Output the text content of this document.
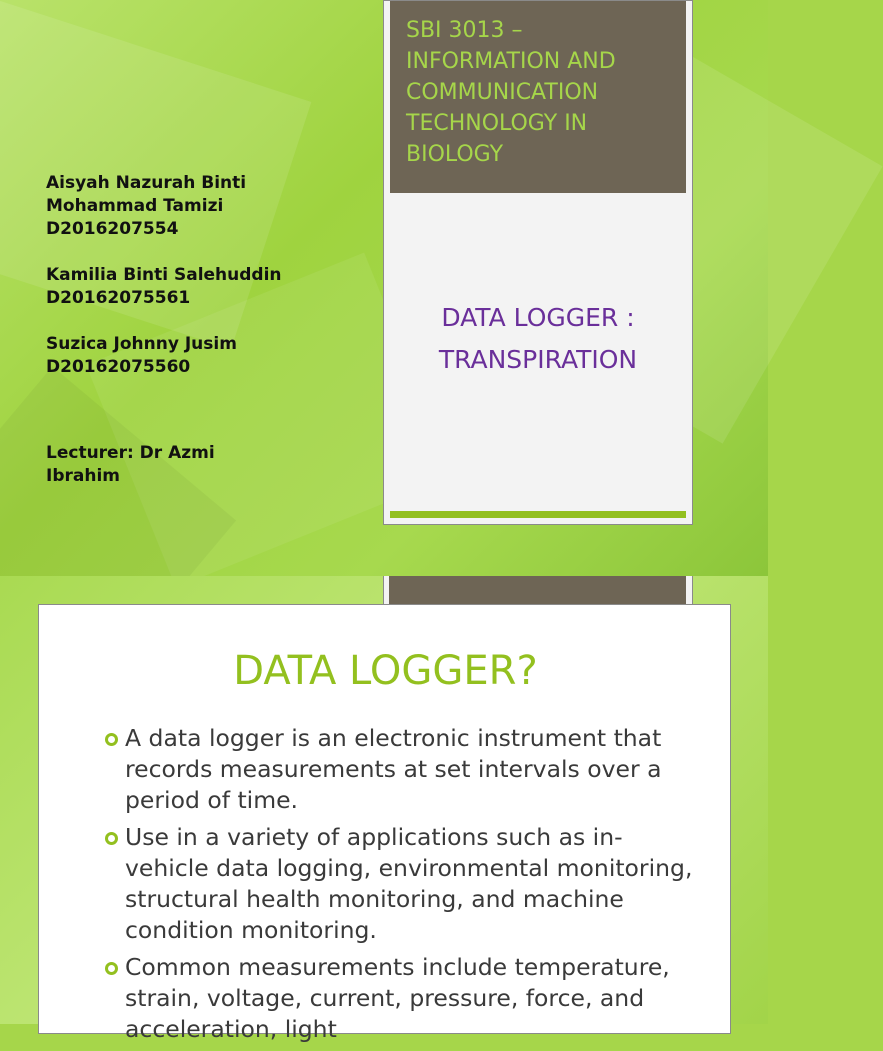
Aisyah Nazurah Binti
Mohammad Tamizi
D2016207554
Kamilia Binti Salehuddin
D20162075561
Suzica Johnny Jusim
D20162075560
Lecturer: Dr Azmi
Ibrahim
SBI 3013 – INFORMATION AND COMMUNICATION TECHNOLOGY IN BIOLOGY
DATA LOGGER :
TRANSPIRATION
DATA LOGGER?
A data logger is an electronic instrument that records measurements at set intervals over a period of time.
Use in a variety of applications such as in-vehicle data logging, environmental monitoring, structural health monitoring, and machine condition monitoring.
Common measurements include temperature, strain, voltage, current, pressure, force, and acceleration, light
